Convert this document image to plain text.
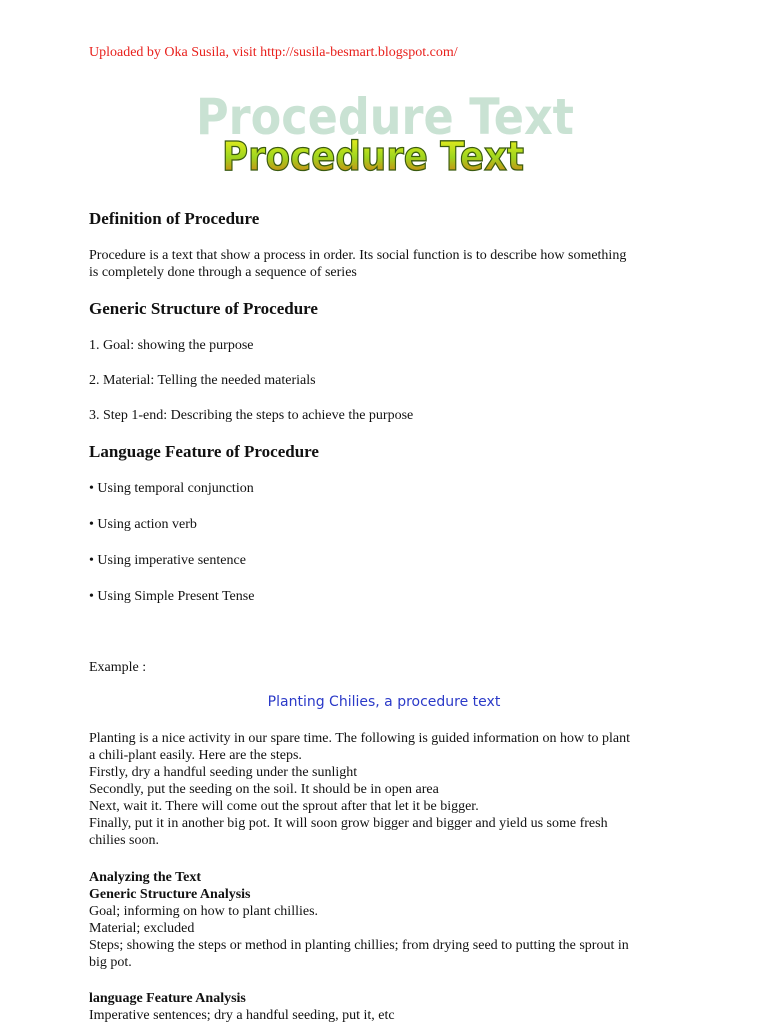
Uploaded by Oka Susila, visit http://susila-besmart.blogspot.com/
Procedure Text
Procedure Text
Definition of Procedure

Procedure is a text that show a process in order. Its social function is to describe how something

is completely done through a sequence of series

Generic Structure of Procedure

1. Goal: showing the purpose

2. Material: Telling the needed materials

3. Step 1-end: Describing the steps to achieve the purpose

Language Feature of Procedure

• Using temporal conjunction

• Using action verb

• Using imperative sentence

• Using Simple Present Tense

Example :

Planting Chilies, a procedure text
Planting is a nice activity in our spare time. The following is guided information on how to plant
a chili-plant easily. Here are the steps.
Firstly, dry a handful seeding under the sunlight
Secondly, put the seeding on the soil. It should be in open area
Next, wait it. There will come out the sprout after that let it be bigger.
Finally, put it in another big pot. It will soon grow bigger and bigger and yield us some fresh
chilies soon.
Analyzing the Text
Generic Structure Analysis
Goal; informing on how to plant chillies.
Material; excluded
Steps; showing the steps or method in planting chillies; from drying seed to putting the sprout in
big pot.
language Feature Analysis
Imperative sentences; dry a handful seeding, put it, etc
